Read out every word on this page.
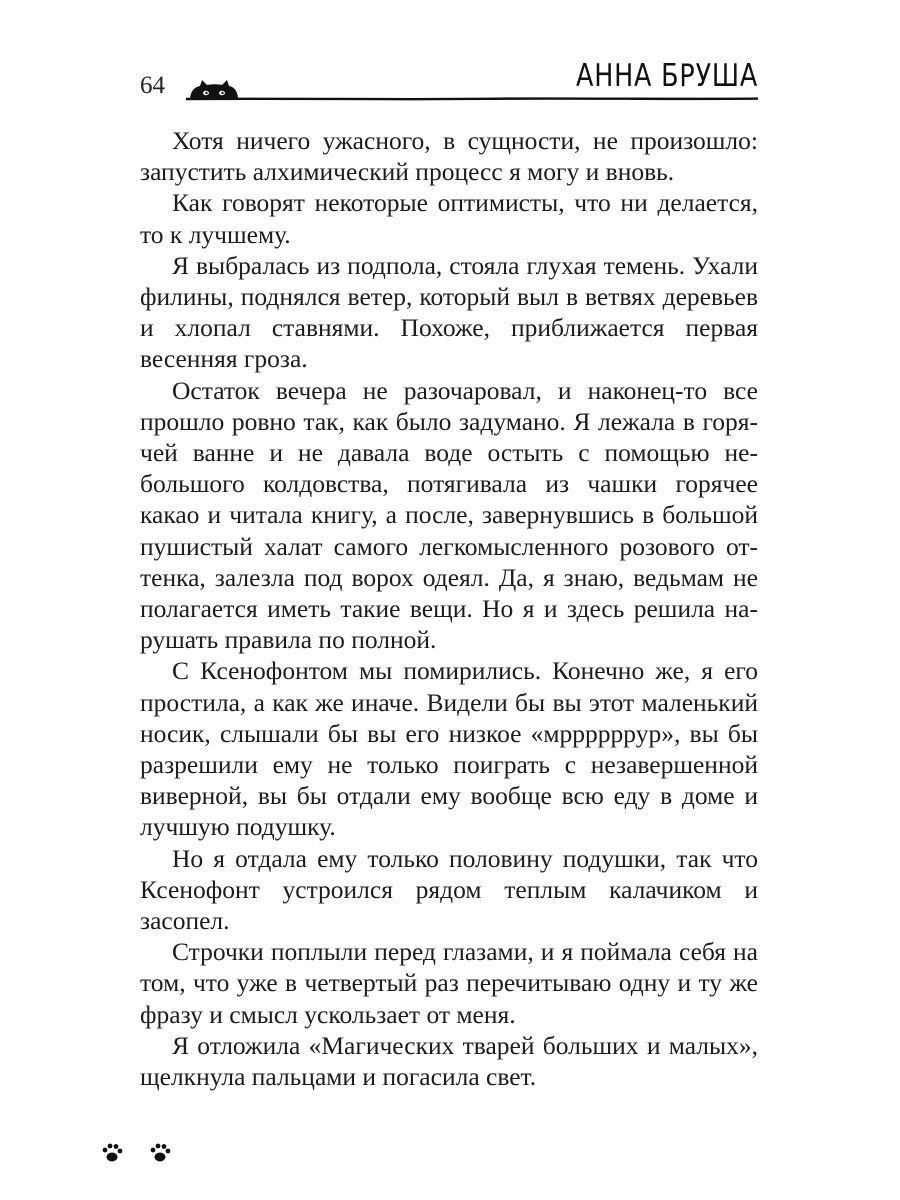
64	АННА БРУША

Хотя ничего ужасного, в сущности, не произошло: запустить алхимический процесс я могу и вновь.

Как говорят некоторые оптимисты, что ни делается, то к лучшему.

Я выбралась из подпола, стояла глухая темень. Ухали филины, поднялся ветер, который выл в ветвях деревьев и хлопал ставнями. Похоже, приближается первая весенняя гроза.

Остаток вечера не разочаровал, и наконец-то все прошло ровно так, как было задумано. Я лежала в горячей ванне и не давала воде остыть с помощью небольшого колдовства, потягивала из чашки горячее какао и читала книгу, а после, завернувшись в большой пушистый халат самого легкомысленного розового оттенка, залезла под ворох одеял. Да, я знаю, ведьмам не полагается иметь такие вещи. Но я и здесь решила нарушать правила по полной.

С Ксенофонтом мы помирились. Конечно же, я его простила, а как же иначе. Видели бы вы этот маленький носик, слышали бы вы его низкое «мррррррур», вы бы разрешили ему не только поиграть с незавершенной виверной, вы бы отдали ему вообще всю еду в доме и лучшую подушку.

Но я отдала ему только половину подушки, так что Ксенофонт устроился рядом теплым калачиком и засопел.

Строчки поплыли перед глазами, и я поймала себя на том, что уже в четвертый раз перечитываю одну и ту же фразу и смысл ускользает от меня.

Я отложила «Магических тварей больших и малых», щелкнула пальцами и погасила свет.
